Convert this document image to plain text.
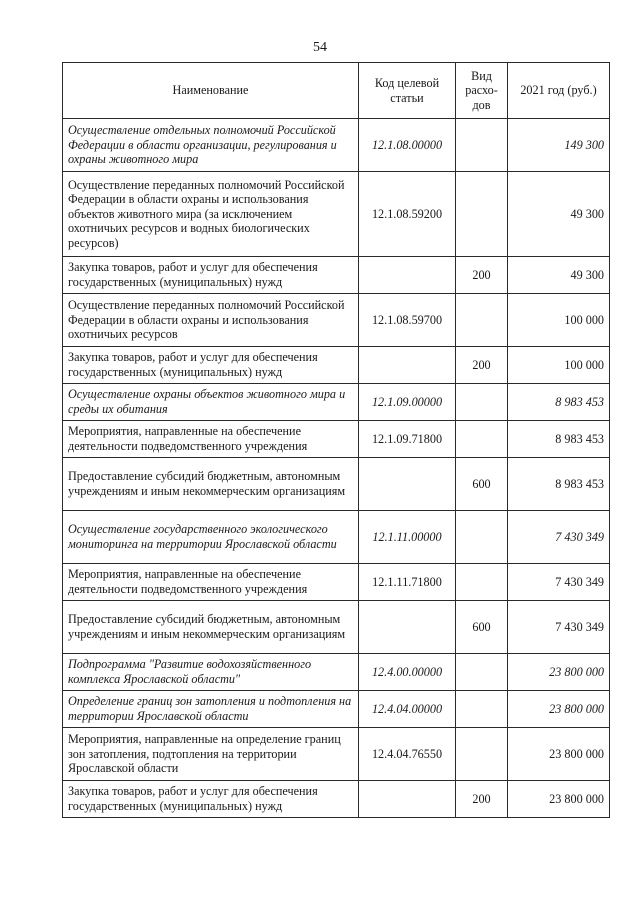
54
Наименование	Код целевой статьи	Вид расхо-дов	2021 год (руб.)
Осуществление отдельных полномочий Российской Федерации в области организации, регулирования и охраны животного мира	12.1.08.00000		149 300
Осуществление переданных полномочий Российской Федерации в области охраны и использования объектов животного мира (за исключением охотничьих ресурсов и водных биологических ресурсов)	12.1.08.59200		49 300
Закупка товаров, работ и услуг для обеспечения государственных (муниципальных) нужд		200	49 300
Осуществление переданных полномочий Российской Федерации в области охраны и использования охотничьих ресурсов	12.1.08.59700		100 000
Закупка товаров, работ и услуг для обеспечения государственных (муниципальных) нужд		200	100 000
Осуществление охраны объектов животного мира и среды их обитания	12.1.09.00000		8 983 453
Мероприятия, направленные на обеспечение деятельности подведомственного учреждения	12.1.09.71800		8 983 453
Предоставление субсидий бюджетным, автономным учреждениям и иным некоммерческим организациям		600	8 983 453
Осуществление государственного экологического мониторинга на территории Ярославской области	12.1.11.00000		7 430 349
Мероприятия, направленные на обеспечение деятельности подведомственного учреждения	12.1.11.71800		7 430 349
Предоставление субсидий бюджетным, автономным учреждениям и иным некоммерческим организациям		600	7 430 349
Подпрограмма "Развитие водохозяйственного комплекса Ярославской области"	12.4.00.00000		23 800 000
Определение границ зон затопления и подтопления на территории Ярославской области	12.4.04.00000		23 800 000
Мероприятия, направленные на определение границ зон затопления, подтопления на территории Ярославской области	12.4.04.76550		23 800 000
Закупка товаров, работ и услуг для обеспечения государственных (муниципальных) нужд		200	23 800 000
